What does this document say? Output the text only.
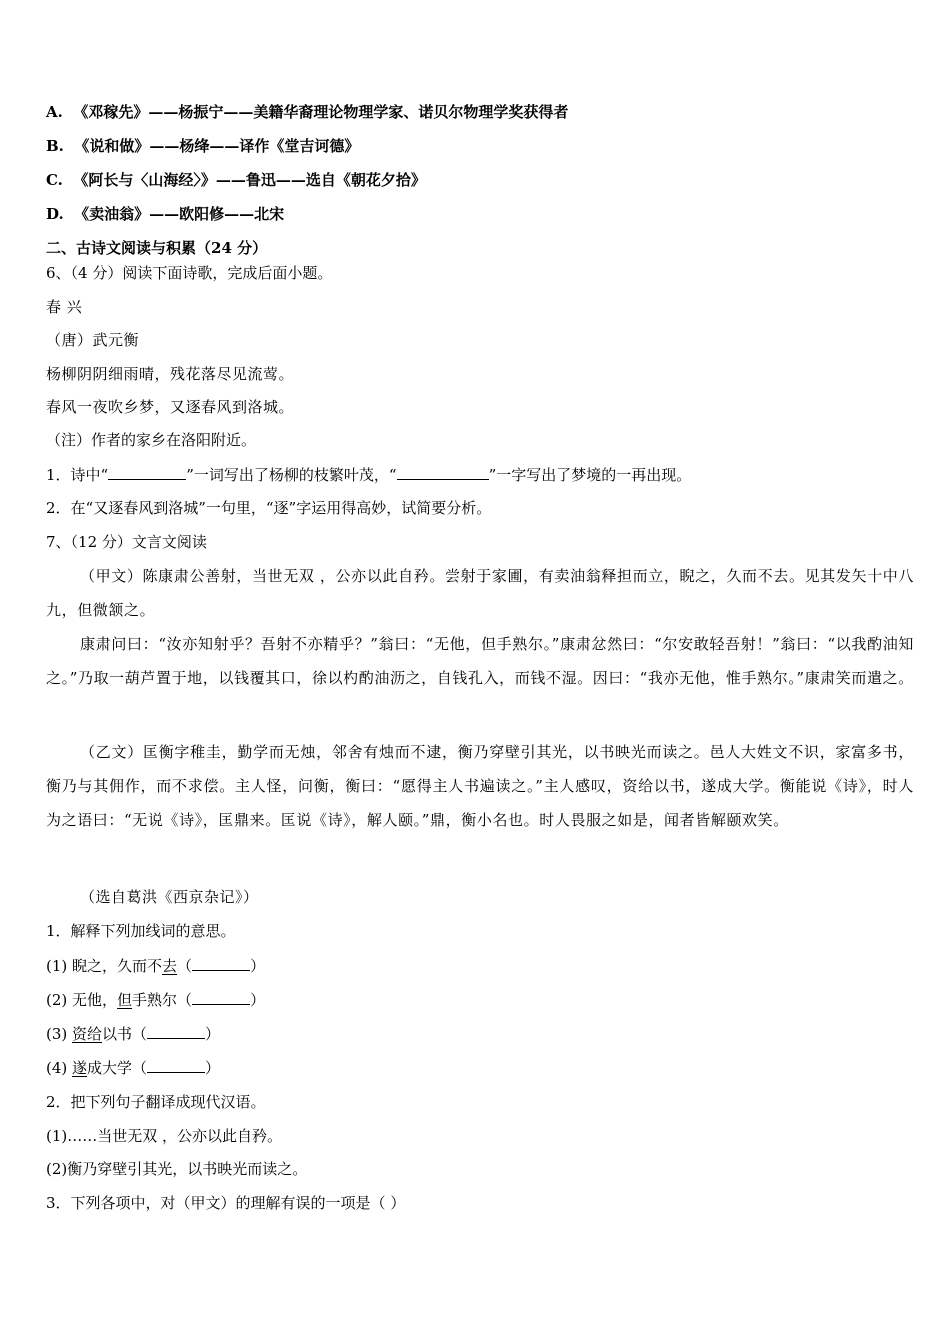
A. 《邓稼先》——杨振宁——美籍华裔理论物理学家、诺贝尔物理学奖获得者
B. 《说和做》——杨绛——译作《堂吉诃德》
C. 《阿长与〈山海经〉》——鲁迅——选自《朝花夕拾》
D. 《卖油翁》——欧阳修——北宋
二、古诗文阅读与积累（24 分）
6、（4 分）阅读下面诗歌，完成后面小题。
春 兴
（唐）武元衡
杨柳阴阴细雨晴，残花落尽见流莺。
春风一夜吹乡梦，又逐春风到洛城。
（注）作者的家乡在洛阳附近。
1．诗中“	”一词写出了杨柳的枝繁叶茂，“	”一字写出了梦境的一再出现。
2．在“又逐春风到洛城”一句里，“逐”字运用得高妙，试简要分析。
7、（12 分）文言文阅读
（甲文）陈康肃公善射，当世无双 ，公亦以此自矜。尝射于家圃，有卖油翁释担而立，睨之，久而不去。见其发矢十中八九，但微颔之。
康肃问曰：“汝亦知射乎？吾射不亦精乎？”翁曰：“无他，但手熟尔。”康肃忿然曰：“尔安敢轻吾射！”翁曰：“以我酌油知之。”乃取一葫芦置于地，以钱覆其口，徐以杓酌油沥之，自钱孔入，而钱不湿。因曰：“我亦无他，惟手熟尔。”康肃笑而遣之。
（乙文）匡衡字稚圭，勤学而无烛，邻舍有烛而不逮，衡乃穿壁引其光，以书映光而读之。邑人大姓文不识，家富多书，衡乃与其佣作，而不求偿。主人怪，问衡，衡曰：“愿得主人书遍读之。”主人感叹，资给以书，遂成大学。衡能说《诗》，时人为之语曰：“无说《诗》，匡鼎来。匡说《诗》，解人颐。”鼎，衡小名也。时人畏服之如是，闻者皆解颐欢笑。
（选自葛洪《西京杂记》）
1．解释下列加线词的意思。
(1) 睨之，久而不去（	）
(2) 无他，但手熟尔（	）
(3) 资给以书（	）
(4) 遂成大学（	）
2．把下列句子翻译成现代汉语。
(1)……当世无双 ，公亦以此自矜。
(2)衡乃穿壁引其光，以书映光而读之。
3．下列各项中，对（甲文）的理解有误的一项是（ ）
